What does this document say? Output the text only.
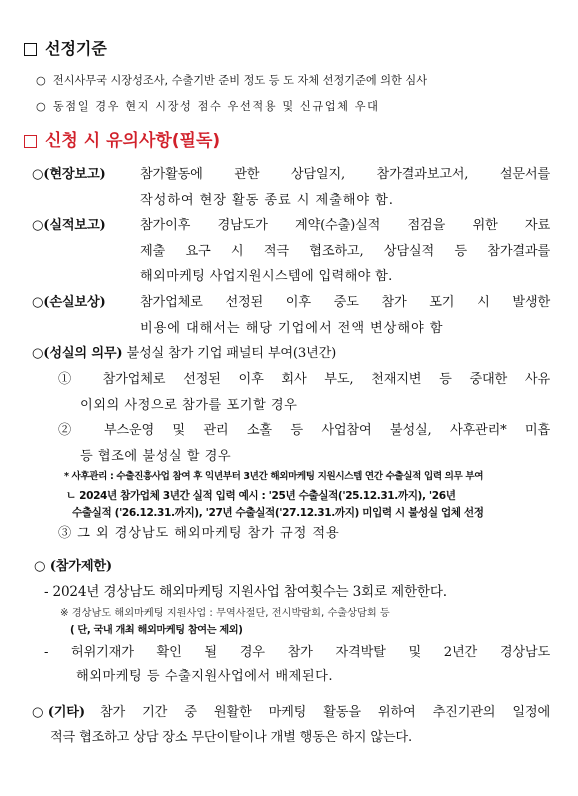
선정기준
○ 전시사무국 시장성조사, 수출기반 준비 정도 등 도 자체 선정기준에 의한 심사
○ 동점일 경우 현지 시장성 점수 우선적용 및 신규업체 우대
신청 시 유의사항(필독)
○(현장보고)	참가활동에 관한 상담일지, 참가결과보고서, 설문서를
작성하여 현장 활동 종료 시 제출해야 함.
○(실적보고)	참가이후 경남도가 계약(수출)실적 점검을 위한 자료
제출 요구 시 적극 협조하고, 상담실적 등 참가결과를
해외마케팅 사업지원시스템에 입력해야 함.
○(손실보상)	참가업체로 선정된 이후 중도 참가 포기 시 발생한
비용에 대해서는 해당 기업에서 전액 변상해야 함
○(성실의 의무) 불성실 참가 기업 패널티 부여(3년간)
① 참가업체로 선정된 이후 회사 부도, 천재지변 등 중대한 사유
이외의 사정으로 참가를 포기할 경우
② 부스운영 및 관리 소홀 등 사업참여 불성실, 사후관리* 미흡
등 협조에 불성실 할 경우
* 사후관리 : 수출진흥사업 참여 후 익년부터 3년간 해외마케팅 지원시스템 연간 수출실적 입력 의무 부여
ㄴ 2024년 참가업체 3년간 실적 입력 예시 : '25년 수출실적('25.12.31.까지), '26년
수출실적 ('26.12.31.까지), '27년 수출실적('27.12.31.까지) 미입력 시 불성실 업체 선정
③ 그 외 경상남도 해외마케팅 참가 규정 적용
○ (참가제한)
- 2024년 경상남도 해외마케팅 지원사업 참여횟수는 3회로 제한한다.
※ 경상남도 해외마케팅 지원사업 : 무역사절단, 전시박람회, 수출상담회 등
( 단, 국내 개최 해외마케팅 참여는 제외)
- 허위기재가 확인 될 경우 참가 자격박탈 및 2년간 경상남도
해외마케팅 등 수출지원사업에서 배제된다.
○ (기타) 참가 기간 중 원활한 마케팅 활동을 위하여 추진기관의 일정에
적극 협조하고 상담 장소 무단이탈이나 개별 행동은 하지 않는다.
